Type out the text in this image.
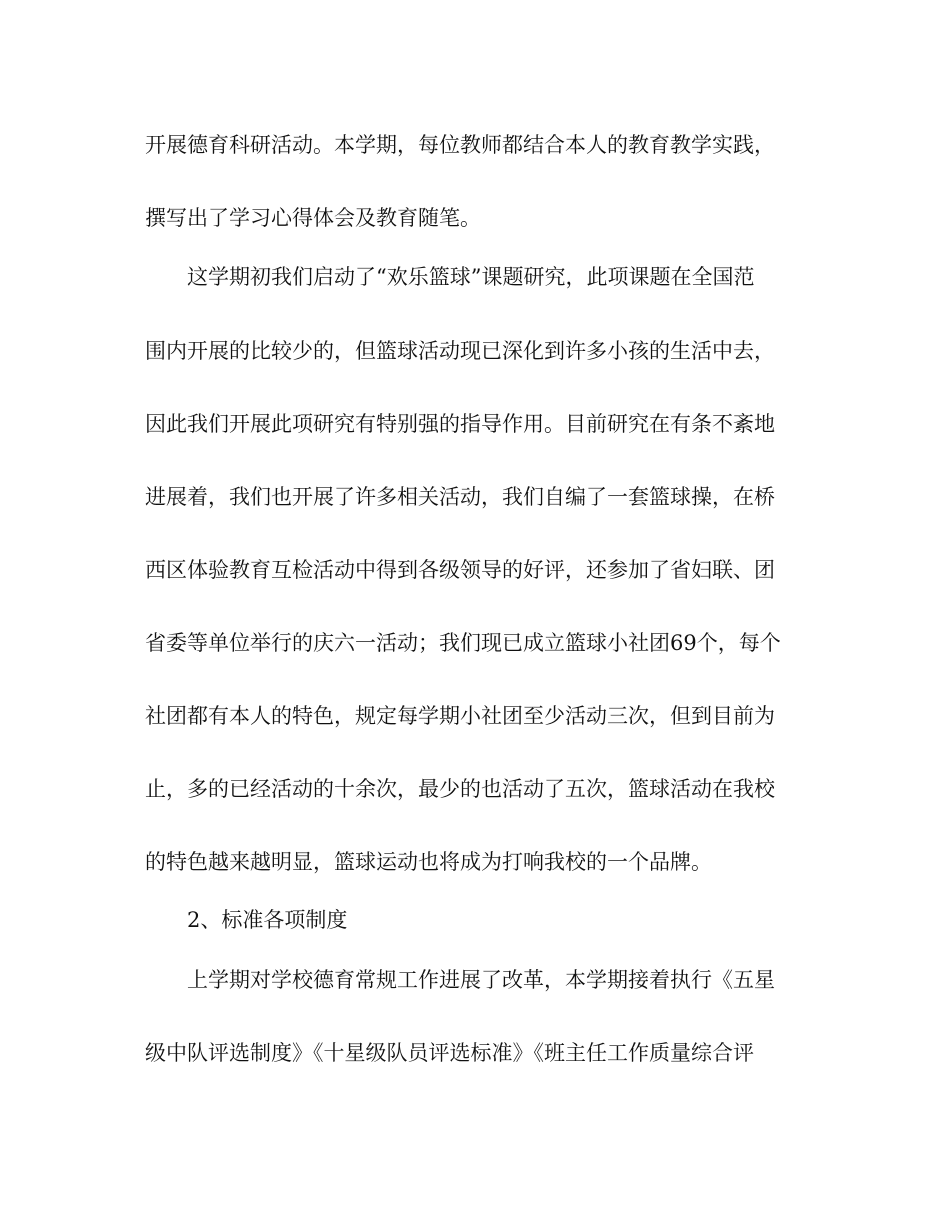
开展德育科研活动。本学期，每位教师都结合本人的教育教学实践，
撰写出了学习心得体会及教育随笔。
这学期初我们启动了“欢乐篮球”课题研究，此项课题在全国范
围内开展的比较少的，但篮球活动现已深化到许多小孩的生活中去，
因此我们开展此项研究有特别强的指导作用。目前研究在有条不紊地
进展着，我们也开展了许多相关活动，我们自编了一套篮球操，在桥
西区体验教育互检活动中得到各级领导的好评，还参加了省妇联、团
省委等单位举行的庆六一活动；我们现已成立篮球小社团69个，每个
社团都有本人的特色，规定每学期小社团至少活动三次，但到目前为
止，多的已经活动的十余次，最少的也活动了五次，篮球活动在我校
的特色越来越明显，篮球运动也将成为打响我校的一个品牌。
2、标准各项制度
上学期对学校德育常规工作进展了改革，本学期接着执行《五星
级中队评选制度》《十星级队员评选标准》《班主任工作质量综合评
